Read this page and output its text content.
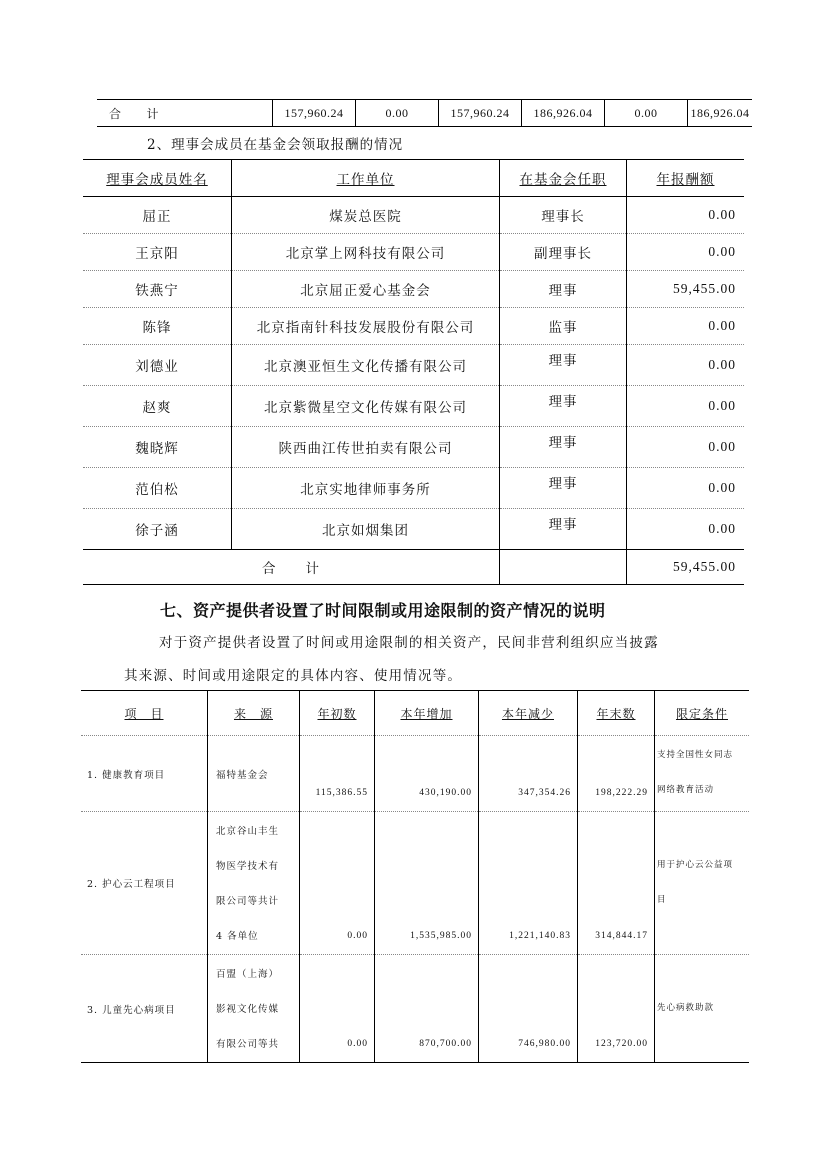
合　　计	157,960.24	0.00	157,960.24	186,926.04	0.00	186,926.04
2、理事会成员在基金会领取报酬的情况
理事会成员姓名	工作单位	在基金会任职	年报酬额
屈正	煤炭总医院	理事长	0.00
王京阳	北京掌上网科技有限公司	副理事长	0.00
铁燕宁	北京屈正爱心基金会	理事	59,455.00
陈锋	北京指南针科技发展股份有限公司	监事	0.00
刘德业	北京澳亚恒生文化传播有限公司	理事	0.00
赵爽	北京紫微星空文化传媒有限公司	理事	0.00
魏晓辉	陕西曲江传世拍卖有限公司	理事	0.00
范伯松	北京实地律师事务所	理事	0.00
徐子涵	北京如烟集团	理事	0.00
合　　计			59,455.00
七、资产提供者设置了时间限制或用途限制的资产情况的说明
对于资产提供者设置了时间或用途限制的相关资产，民间非营利组织应当披露
其来源、时间或用途限定的具体内容、使用情况等。
项　目	来　源	年初数	本年增加	本年减少	年末数	限定条件
1. 健康教育项目	福特基金会	115,386.55	430,190.00	347,354.26	198,222.29	支持全国性女同志
网络教育活动

2. 护心云工程项目	北京谷山丰生
物医学技术有
限公司等共计
4 各单位	0.00	1,535,985.00	1,221,140.83	314,844.17	用于护心云公益项
目

3. 儿童先心病项目	百盟（上海）
影视文化传媒
有限公司等共	0.00	870,700.00	746,980.00	123,720.00	先心病救助款
